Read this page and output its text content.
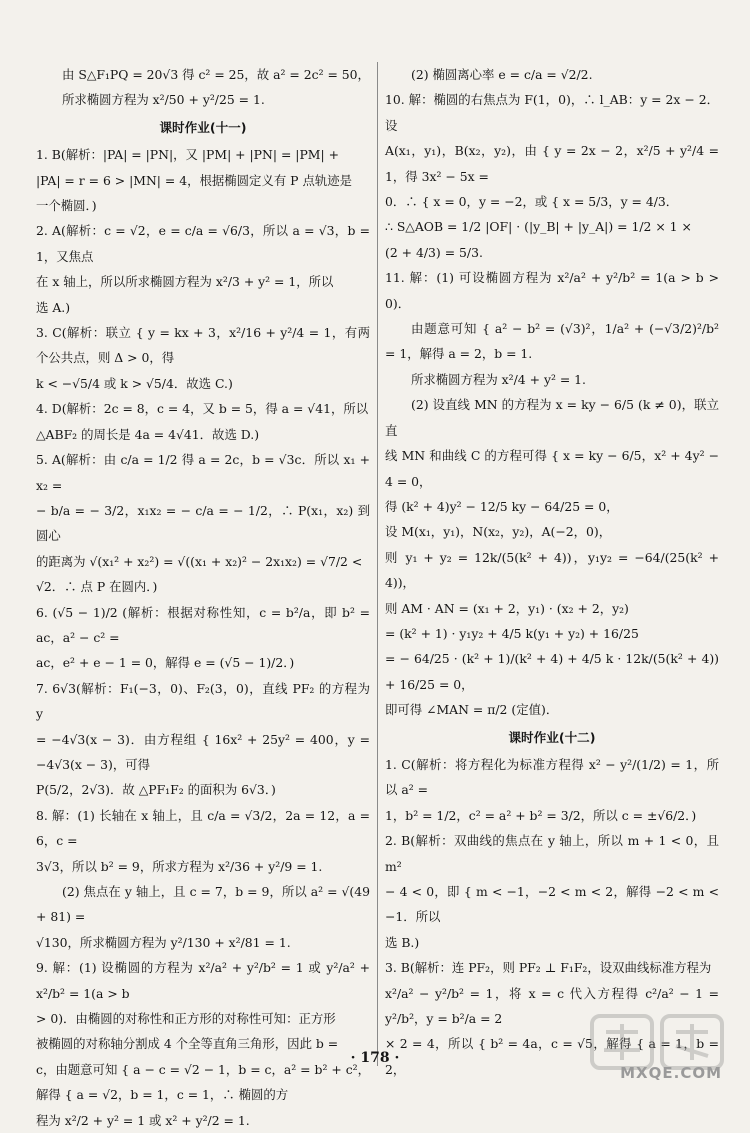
由 S△F₁PQ = 20√3 得 c² = 25，故 a² = 2c² = 50，

所求椭圆方程为 x²/50 + y²/25 = 1.

课时作业(十一)

1. B(解析：|PA| = |PN|，又 |PM| + |PN| = |PM| +

|PA| = r = 6 > |MN| = 4，根据椭圆定义有 P 点轨迹是

一个椭圆．)

2. A(解析：c = √2，e = c/a = √6/3，所以 a = √3，b = 1，又焦点

在 x 轴上，所以所求椭圆方程为 x²/3 + y² = 1，所以

选 A.)

3. C(解析：联立 { y = kx + 3，x²/16 + y²/4 = 1，有两个公共点，则 Δ > 0，得

k < −√5/4 或 k > √5/4．故选 C.)

4. D(解析：2c = 8，c = 4，又 b = 5，得 a = √41，所以

△ABF₂ 的周长是 4a = 4√41．故选 D.)

5. A(解析：由 c/a = 1/2 得 a = 2c，b = √3c．所以 x₁ + x₂ =

− b/a = − 3/2，x₁x₂ = − c/a = − 1/2，∴ P(x₁，x₂) 到圆心

的距离为 √(x₁² + x₂²) = √((x₁ + x₂)² − 2x₁x₂) = √7/2 <

√2．∴ 点 P 在圆内．)

6. (√5 − 1)/2 (解析：根据对称性知，c = b²/a，即 b² = ac，a² − c² =

ac，e² + e − 1 = 0，解得 e = (√5 − 1)/2．)

7. 6√3(解析：F₁(−3，0)、F₂(3，0)，直线 PF₂ 的方程为 y

= −4√3(x − 3)．由方程组 { 16x² + 25y² = 400，y = −4√3(x − 3)，可得

P(5/2，2√3)．故 △PF₁F₂ 的面积为 6√3．)

8. 解：(1) 长轴在 x 轴上，且 c/a = √3/2，2a = 12，a = 6，c =

3√3，所以 b² = 9，所求方程为 x²/36 + y²/9 = 1.

(2) 焦点在 y 轴上，且 c = 7，b = 9，所以 a² = √(49 + 81) =

√130，所求椭圆方程为 y²/130 + x²/81 = 1.

9. 解：(1) 设椭圆的方程为 x²/a² + y²/b² = 1 或 y²/a² + x²/b² = 1(a > b

> 0)．由椭圆的对称性和正方形的对称性可知：正方形

被椭圆的对称轴分割成 4 个全等直角三角形，因此 b =

c，由题意可知 { a − c = √2 − 1，b = c，a² = b² + c²，解得 { a = √2，b = 1，c = 1，∴ 椭圆的方

程为 x²/2 + y² = 1 或 x² + y²/2 = 1.

(2) 椭圆离心率 e = c/a = √2/2.

10. 解：椭圆的右焦点为 F(1，0)，∴ l_AB：y = 2x − 2．设

A(x₁，y₁)，B(x₂，y₂)，由 { y = 2x − 2，x²/5 + y²/4 = 1，得 3x² − 5x =

0．∴ { x = 0，y = −2，或 { x = 5/3，y = 4/3．

∴ S△AOB = 1/2 |OF| · (|y_B| + |y_A|) = 1/2 × 1 ×

(2 + 4/3) = 5/3.

11. 解：(1) 可设椭圆方程为 x²/a² + y²/b² = 1(a > b > 0)．

由题意可知 { a² − b² = (√3)²，1/a² + (−√3/2)²/b² = 1，解得 a = 2，b = 1.

所求椭圆方程为 x²/4 + y² = 1.

(2) 设直线 MN 的方程为 x = ky − 6/5 (k ≠ 0)，联立直

线 MN 和曲线 C 的方程可得 { x = ky − 6/5，x² + 4y² − 4 = 0，

得 (k² + 4)y² − 12/5 ky − 64/25 = 0，

设 M(x₁，y₁)，N(x₂，y₂)，A(−2，0)，

则 y₁ + y₂ = 12k/(5(k² + 4))，y₁y₂ = −64/(25(k² + 4))，

则 AM · AN = (x₁ + 2，y₁) · (x₂ + 2，y₂)

= (k² + 1) · y₁y₂ + 4/5 k(y₁ + y₂) + 16/25

= − 64/25 · (k² + 1)/(k² + 4) + 4/5 k · 12k/(5(k² + 4)) + 16/25 = 0，

即可得 ∠MAN = π/2 (定值)．

课时作业(十二)

1. C(解析：将方程化为标准方程得 x² − y²/(1/2) = 1，所以 a² =

1，b² = 1/2，c² = a² + b² = 3/2，所以 c = ±√6/2．)

2. B(解析：双曲线的焦点在 y 轴上，所以 m + 1 < 0，且 m²

− 4 < 0，即 { m < −1，−2 < m < 2，解得 −2 < m < −1．所以

选 B.)

3. B(解析：连 PF₂，则 PF₂ ⊥ F₁F₂，设双曲线标准方程为

x²/a² − y²/b² = 1，将 x = c 代入方程得 c²/a² − 1 = y²/b²，y = b²/a = 2

× 2 = 4，所以 { b² = 4a，c = √5，解得 { a = 1，b = 2，

· 178 ·
MXQE.COM
